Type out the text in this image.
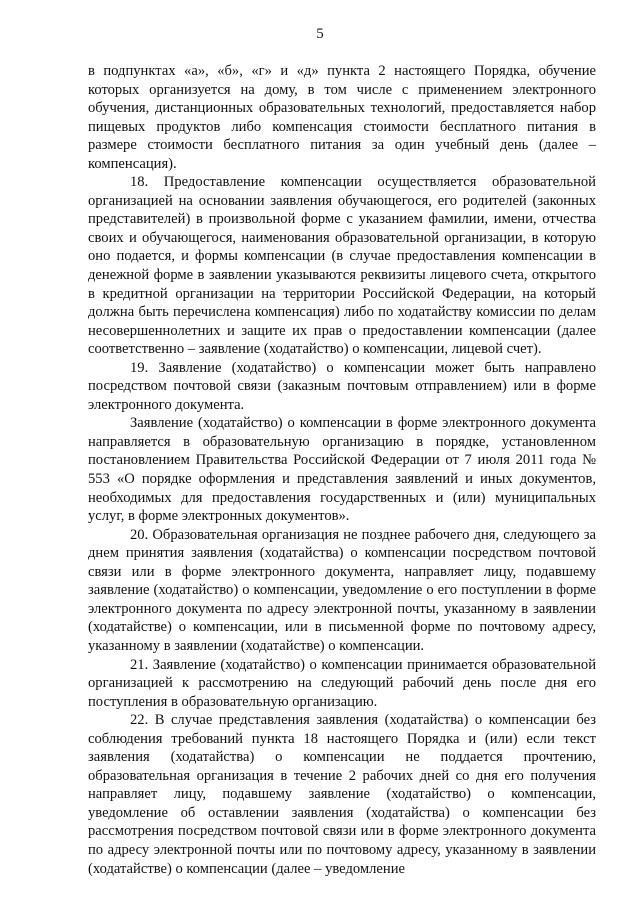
5

в подпунктах «а», «б», «г» и «д» пункта 2 настоящего Порядка, обучение которых организуется на дому, в том числе с применением электронного обучения, дистанционных образовательных технологий, предоставляется набор пищевых продуктов либо компенсация стоимости бесплатного питания в размере стоимости бесплатного питания за один учебный день (далее – компенсация).

18. Предоставление компенсации осуществляется образовательной организацией на основании заявления обучающегося, его родителей (законных представителей) в произвольной форме с указанием фамилии, имени, отчества своих и обучающегося, наименования образовательной организации, в которую оно подается, и формы компенсации (в случае предоставления компенсации в денежной форме в заявлении указываются реквизиты лицевого счета, открытого в кредитной организации на территории Российской Федерации, на который должна быть перечислена компенсация) либо по ходатайству комиссии по делам несовершеннолетних и защите их прав о предоставлении компенсации (далее соответственно – заявление (ходатайство) о компенсации, лицевой счет).

19. Заявление (ходатайство) о компенсации может быть направлено посредством почтовой связи (заказным почтовым отправлением) или в форме электронного документа.

Заявление (ходатайство) о компенсации в форме электронного документа направляется в образовательную организацию в порядке, установленном постановлением Правительства Российской Федерации от 7 июля 2011 года № 553 «О порядке оформления и представления заявлений и иных документов, необходимых для предоставления государственных и (или) муниципальных услуг, в форме электронных документов».

20. Образовательная организация не позднее рабочего дня, следующего за днем принятия заявления (ходатайства) о компенсации посредством почтовой связи или в форме электронного документа, направляет лицу, подавшему заявление (ходатайство) о компенсации, уведомление о его поступлении в форме электронного документа по адресу электронной почты, указанному в заявлении (ходатайстве) о компенсации, или в письменной форме по почтовому адресу, указанному в заявлении (ходатайстве) о компенсации.

21. Заявление (ходатайство) о компенсации принимается образовательной организацией к рассмотрению на следующий рабочий день после дня его поступления в образовательную организацию.

22. В случае представления заявления (ходатайства) о компенсации без соблюдения требований пункта 18 настоящего Порядка и (или) если текст заявления (ходатайства) о компенсации не поддается прочтению, образовательная организация в течение 2 рабочих дней со дня его получения направляет лицу, подавшему заявление (ходатайство) о компенсации, уведомление об оставлении заявления (ходатайства) о компенсации без рассмотрения посредством почтовой связи или в форме электронного документа по адресу электронной почты или по почтовому адресу, указанному в заявлении (ходатайстве) о компенсации (далее – уведомление
